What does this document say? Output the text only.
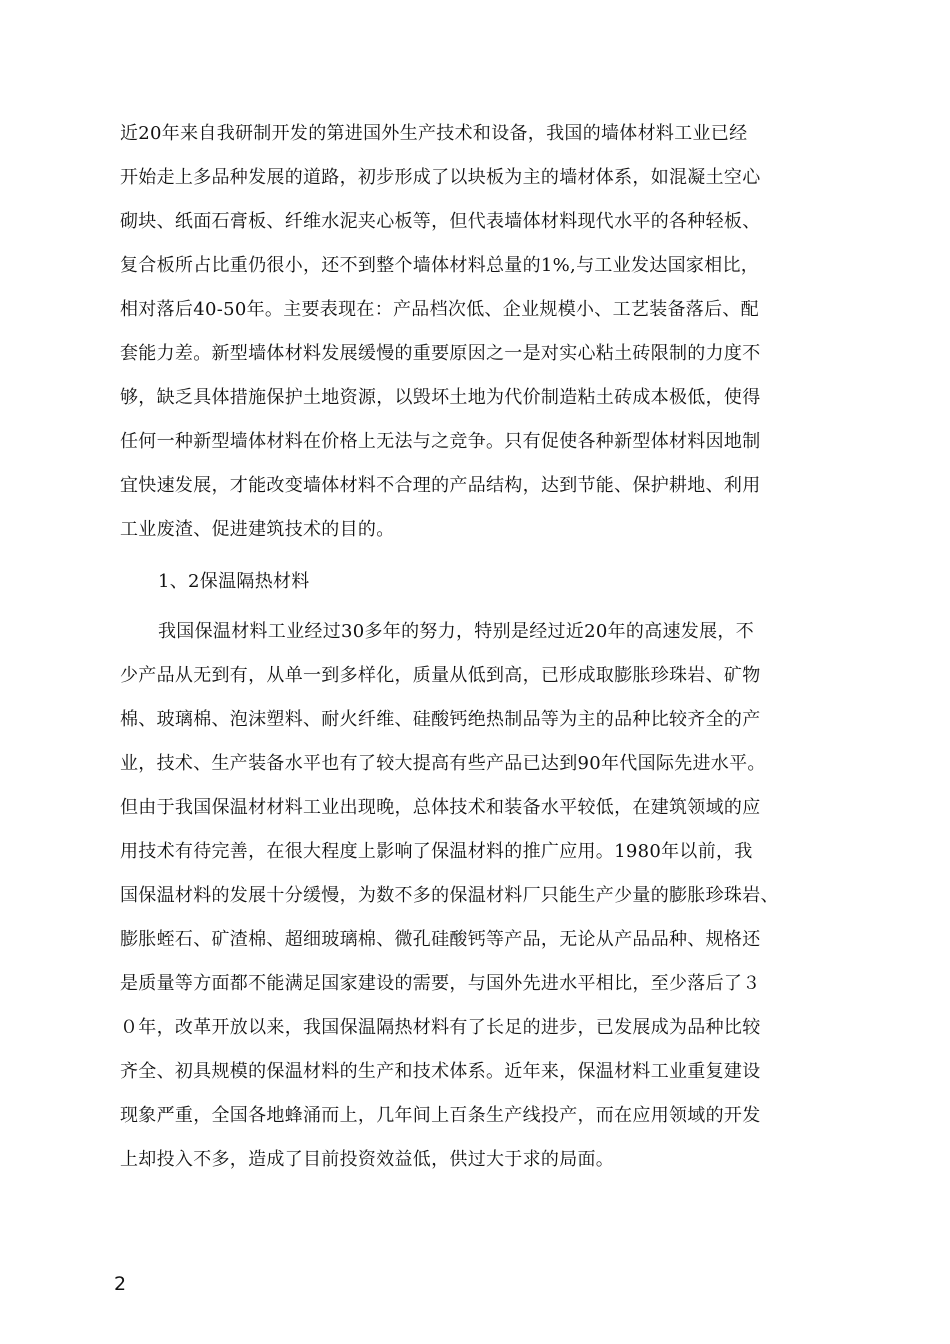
近20年来自我研制开发的第进国外生产技术和设备，我国的墙体材料工业已经
开始走上多品种发展的道路，初步形成了以块板为主的墙材体系，如混凝土空心
砌块、纸面石膏板、纤维水泥夹心板等，但代表墙体材料现代水平的各种轻板、
复合板所占比重仍很小，还不到整个墙体材料总量的1%,与工业发达国家相比，
相对落后40-50年。主要表现在：产品档次低、企业规模小、工艺装备落后、配
套能力差。新型墙体材料发展缓慢的重要原因之一是对实心粘土砖限制的力度不
够，缺乏具体措施保护土地资源，以毁坏土地为代价制造粘土砖成本极低，使得
任何一种新型墙体材料在价格上无法与之竞争。只有促使各种新型体材料因地制
宜快速发展，才能改变墙体材料不合理的产品结构，达到节能、保护耕地、利用
工业废渣、促进建筑技术的目的。
1、2保温隔热材料
我国保温材料工业经过30多年的努力，特别是经过近20年的高速发展，不
少产品从无到有，从单一到多样化，质量从低到高，已形成取膨胀珍珠岩、矿物
棉、玻璃棉、泡沫塑料、耐火纤维、硅酸钙绝热制品等为主的品种比较齐全的产
业，技术、生产装备水平也有了较大提高有些产品已达到90年代国际先进水平。
但由于我国保温材材料工业出现晚，总体技术和装备水平较低，在建筑领域的应
用技术有待完善，在很大程度上影响了保温材料的推广应用。1980年以前，我
国保温材料的发展十分缓慢，为数不多的保温材料厂只能生产少量的膨胀珍珠岩、
膨胀蛭石、矿渣棉、超细玻璃棉、微孔硅酸钙等产品，无论从产品品种、规格还
是质量等方面都不能满足国家建设的需要，与国外先进水平相比，至少落后了３
０年，改革开放以来，我国保温隔热材料有了长足的进步，已发展成为品种比较
齐全、初具规模的保温材料的生产和技术体系。近年来，保温材料工业重复建设
现象严重，全国各地蜂涌而上，几年间上百条生产线投产，而在应用领域的开发
上却投入不多，造成了目前投资效益低，供过大于求的局面。
2
